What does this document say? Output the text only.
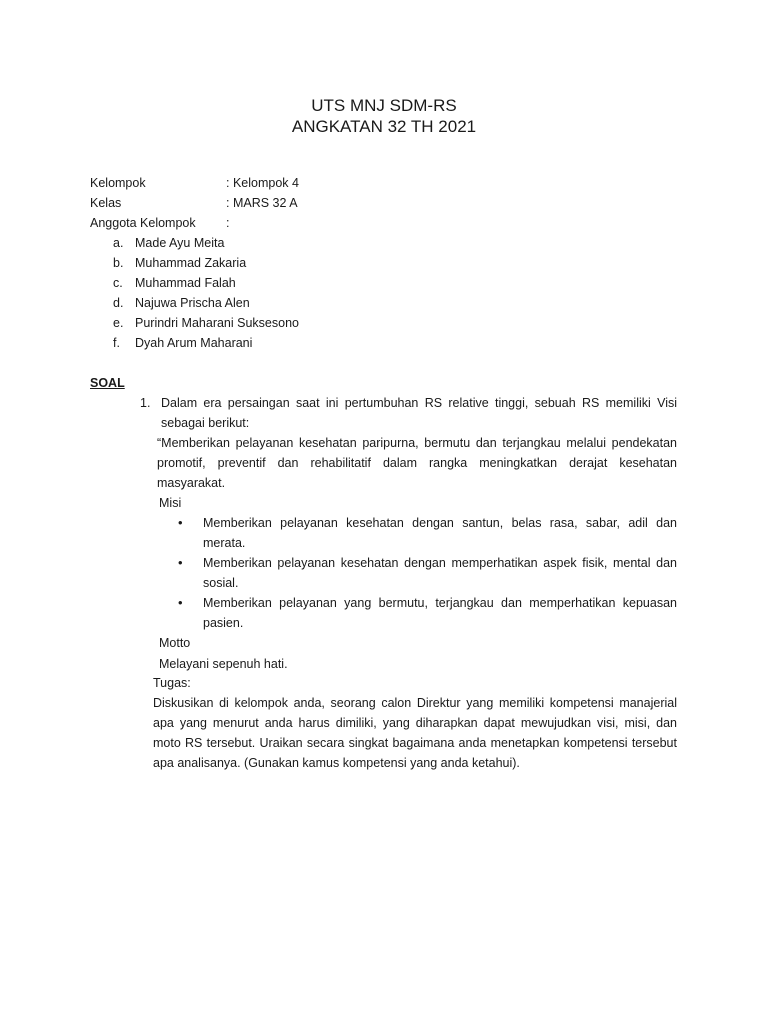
UTS MNJ SDM-RS
ANGKATAN 32 TH 2021
Kelompok	: Kelompok 4
Kelas	: MARS 32 A
Anggota Kelompok :
a. Made Ayu Meita
b. Muhammad Zakaria
c. Muhammad Falah
d. Najuwa Prischa Alen
e. Purindri Maharani Suksesono
f. Dyah Arum Maharani
SOAL
1. Dalam era persaingan saat ini pertumbuhan RS relative tinggi, sebuah RS memiliki Visi
sebagai berikut:
“Memberikan pelayanan kesehatan paripurna, bermutu dan terjangkau melalui pendekatan promotif, preventif dan rehabilitatif dalam rangka meningkatkan derajat kesehatan masyarakat.
Misi
• Memberikan pelayanan kesehatan dengan santun, belas rasa, sabar, adil dan merata.
• Memberikan pelayanan kesehatan dengan memperhatikan aspek fisik, mental dan sosial.
• Memberikan pelayanan yang bermutu, terjangkau dan memperhatikan kepuasan pasien.
Motto
Melayani sepenuh hati.
Tugas:
Diskusikan di kelompok anda, seorang calon Direktur yang memiliki kompetensi manajerial apa yang menurut anda harus dimiliki, yang diharapkan dapat mewujudkan visi, misi, dan moto RS tersebut. Uraikan secara singkat bagaimana anda menetapkan kompetensi tersebut apa analisanya. (Gunakan kamus kompetensi yang anda ketahui).
